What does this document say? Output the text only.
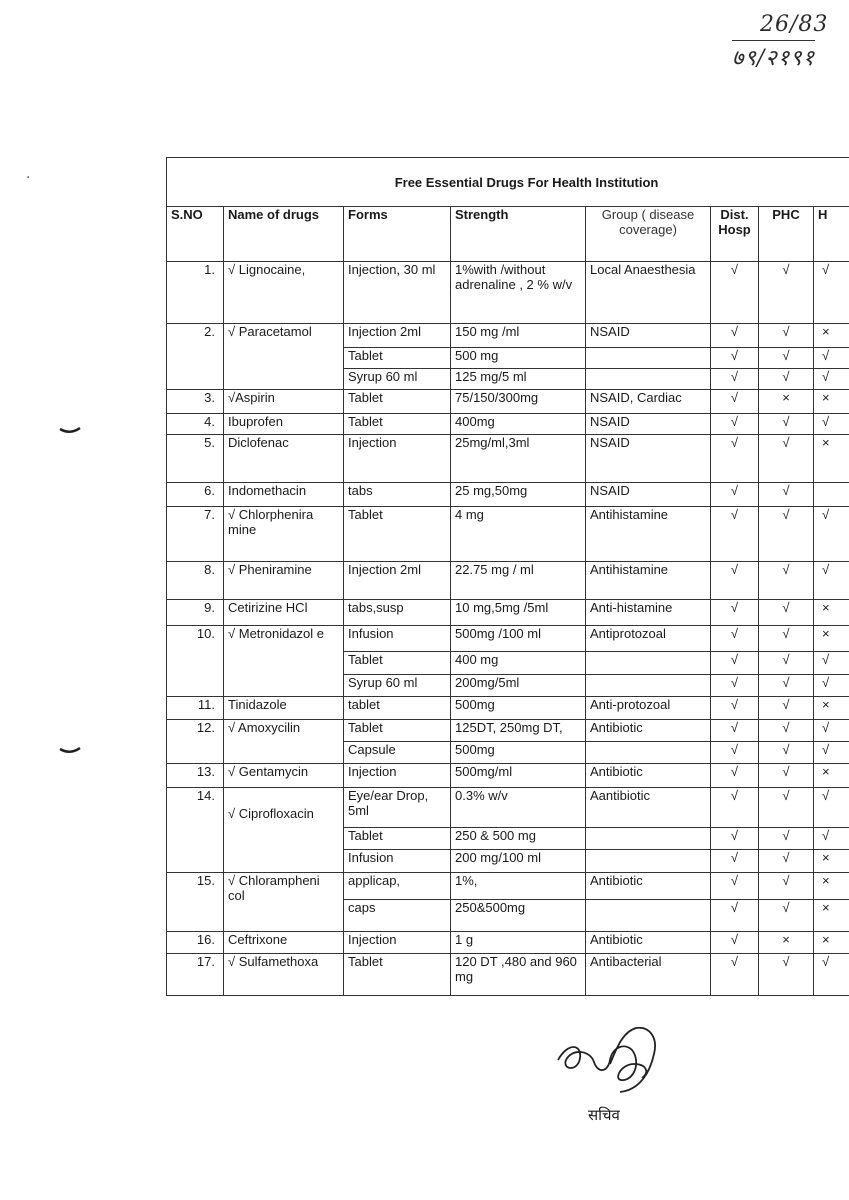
26/83
७९/२१९१
·	Free Essential Drugs For Health Institution							
S.NO	Name of drugs	Forms	Strength	Group ( disease coverage)	Dist. Hosp	PHC	H
1.	√ Lignocaine,	Injection, 30 ml	1%with /without adrenaline , 2 % w/v	Local Anaesthesia	√	√	√
2.	√ Paracetamol	Injection 2ml	150 mg /ml	NSAID	√	√	×
		Tablet	500 mg		√	√	√
		Syrup 60 ml	125 mg/5 ml		√	√	√
3.	√Aspirin	Tablet	75/150/300mg	NSAID, Cardiac	√	×	×
4.	Ibuprofen	Tablet	400mg	NSAID	√	√	√
5.	Diclofenac	Injection	25mg/ml,3ml	NSAID	√	√	×
6.	Indomethacin	tabs	25 mg,50mg	NSAID	√	√	
7.	√ Chlorphenira mine	Tablet	4 mg	Antihistamine	√	√	√
8.	√ Pheniramine	Injection 2ml	22.75 mg / ml	Antihistamine	√	√	√
9.	Cetirizine HCl	tabs,susp	10 mg,5mg /5ml	Anti-histamine	√	√	×
10.	√ Metronidazol e	Infusion	500mg /100 ml	Antiprotozoal	√	√	×
		Tablet	400 mg		√	√	√
		Syrup 60 ml	200mg/5ml		√	√	√
11.	Tinidazole	tablet	500mg	Anti-protozoal	√	√	×
12.	√ Amoxycilin	Tablet	125DT, 250mg DT,	Antibiotic	√	√	√
		Capsule	500mg		√	√	√
13.	√ Gentamycin	Injection	500mg/ml	Antibiotic	√	√	×
14.	√ Ciprofloxacin	Eye/ear Drop, 5ml	0.3% w/v	Aantibiotic	√	√	√
		Tablet	250 & 500 mg		√	√	√
		Infusion	200 mg/100 ml		√	√	×
15.	√ Chlorampheni col	applicap,	1%,	Antibiotic	√	√	×
		caps	250&500mg		√	√	×
16.	Ceftrixone	Injection	1 g	Antibiotic	√	×	×
17.	√ Sulfamethoxa	Tablet	120 DT ,480 and 960 mg	Antibacterial	√	√	√
सचिव
